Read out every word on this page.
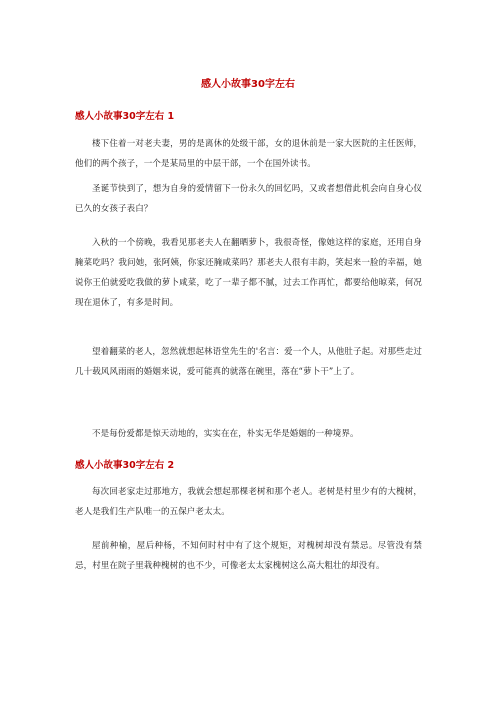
感人小故事30字左右
感人小故事30字左右 1
楼下住着一对老夫妻，男的是离休的处级干部，女的退休前是一家大医院的主任医师，他们的两个孩子，一个是某局里的中层干部，一个在国外读书。
圣诞节快到了，想为自身的爱情留下一份永久的回忆吗，又或者想借此机会向自身心仪已久的女孩子表白？
入秋的一个傍晚，我看见那老夫人在翻晒萝卜，我很奇怪，像她这样的家庭，还用自身腌菜吃吗？我问她，张阿姨，你家还腌咸菜吗？那老夫人很有丰韵，笑起来一脸的幸福，她说你王伯就爱吃我做的萝卜咸菜，吃了一辈子都不腻，过去工作再忙，都要给他晾菜，何况现在退休了，有多是时间。
望着翻菜的老人，忽然就想起林语堂先生的'名言：爱一个人，从他肚子起。对那些走过几十载风风雨雨的婚姻来说，爱可能真的就落在碗里，落在“萝卜干”上了。
不是每份爱都是惊天动地的，实实在在，朴实无华是婚姻的一种境界。
感人小故事30字左右 2
每次回老家走过那地方，我就会想起那棵老树和那个老人。老树是村里少有的大槐树，老人是我们生产队唯一的五保户老太太。
屋前种榆，屋后种杨，不知何时村中有了这个规矩，对槐树却没有禁忌。尽管没有禁忌，村里在院子里栽种槐树的也不少，可像老太太家槐树这么高大粗壮的却没有。
